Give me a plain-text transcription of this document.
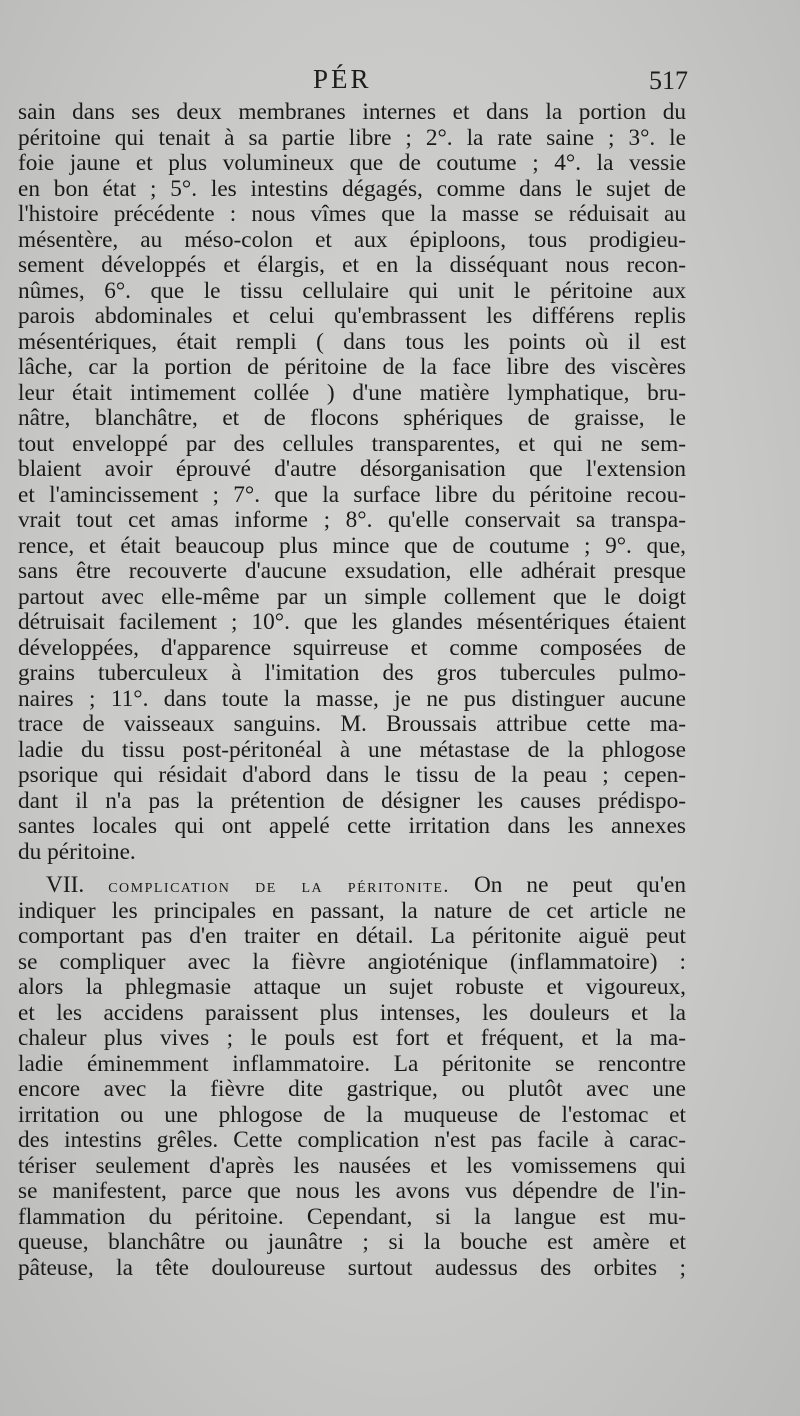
PÉR	517
sain dans ses deux membranes internes et dans la portion du
péritoine qui tenait à sa partie libre ; 2°. la rate saine ; 3°. le
foie jaune et plus volumineux que de coutume ; 4°. la vessie
en bon état ; 5°. les intestins dégagés, comme dans le sujet de
l'histoire précédente : nous vîmes que la masse se réduisait au
mésentère, au méso-colon et aux épiploons, tous prodigieu-
sement développés et élargis, et en la disséquant nous recon-
nûmes, 6°. que le tissu cellulaire qui unit le péritoine aux
parois abdominales et celui qu'embrassent les différens replis
mésentériques, était rempli ( dans tous les points où il est
lâche, car la portion de péritoine de la face libre des viscères
leur était intimement collée ) d'une matière lymphatique, bru-
nâtre, blanchâtre, et de flocons sphériques de graisse, le
tout enveloppé par des cellules transparentes, et qui ne sem-
blaient avoir éprouvé d'autre désorganisation que l'extension
et l'amincissement ; 7°. que la surface libre du péritoine recou-
vrait tout cet amas informe ; 8°. qu'elle conservait sa transpa-
rence, et était beaucoup plus mince que de coutume ; 9°. que,
sans être recouverte d'aucune exsudation, elle adhérait presque
partout avec elle-même par un simple collement que le doigt
détruisait facilement ; 10°. que les glandes mésentériques étaient
développées, d'apparence squirreuse et comme composées de
grains tuberculeux à l'imitation des gros tubercules pulmo-
naires ; 11°. dans toute la masse, je ne pus distinguer aucune
trace de vaisseaux sanguins. M. Broussais attribue cette ma-
ladie du tissu post-péritonéal à une métastase de la phlogose
psorique qui résidait d'abord dans le tissu de la peau ; cepen-
dant il n'a pas la prétention de désigner les causes prédispo-
santes locales qui ont appelé cette irritation dans les annexes
du péritoine.
VII. complication de la péritonite. On ne peut qu'en
indiquer les principales en passant, la nature de cet article ne
comportant pas d'en traiter en détail. La péritonite aiguë peut
se compliquer avec la fièvre angioténique (inflammatoire) :
alors la phlegmasie attaque un sujet robuste et vigoureux,
et les accidens paraissent plus intenses, les douleurs et la
chaleur plus vives ; le pouls est fort et fréquent, et la ma-
ladie éminemment inflammatoire. La péritonite se rencontre
encore avec la fièvre dite gastrique, ou plutôt avec une
irritation ou une phlogose de la muqueuse de l'estomac et
des intestins grêles. Cette complication n'est pas facile à carac-
tériser seulement d'après les nausées et les vomissemens qui
se manifestent, parce que nous les avons vus dépendre de l'in-
flammation du péritoine. Cependant, si la langue est mu-
queuse, blanchâtre ou jaunâtre ; si la bouche est amère et
pâteuse, la tête douloureuse surtout audessus des orbites ;
